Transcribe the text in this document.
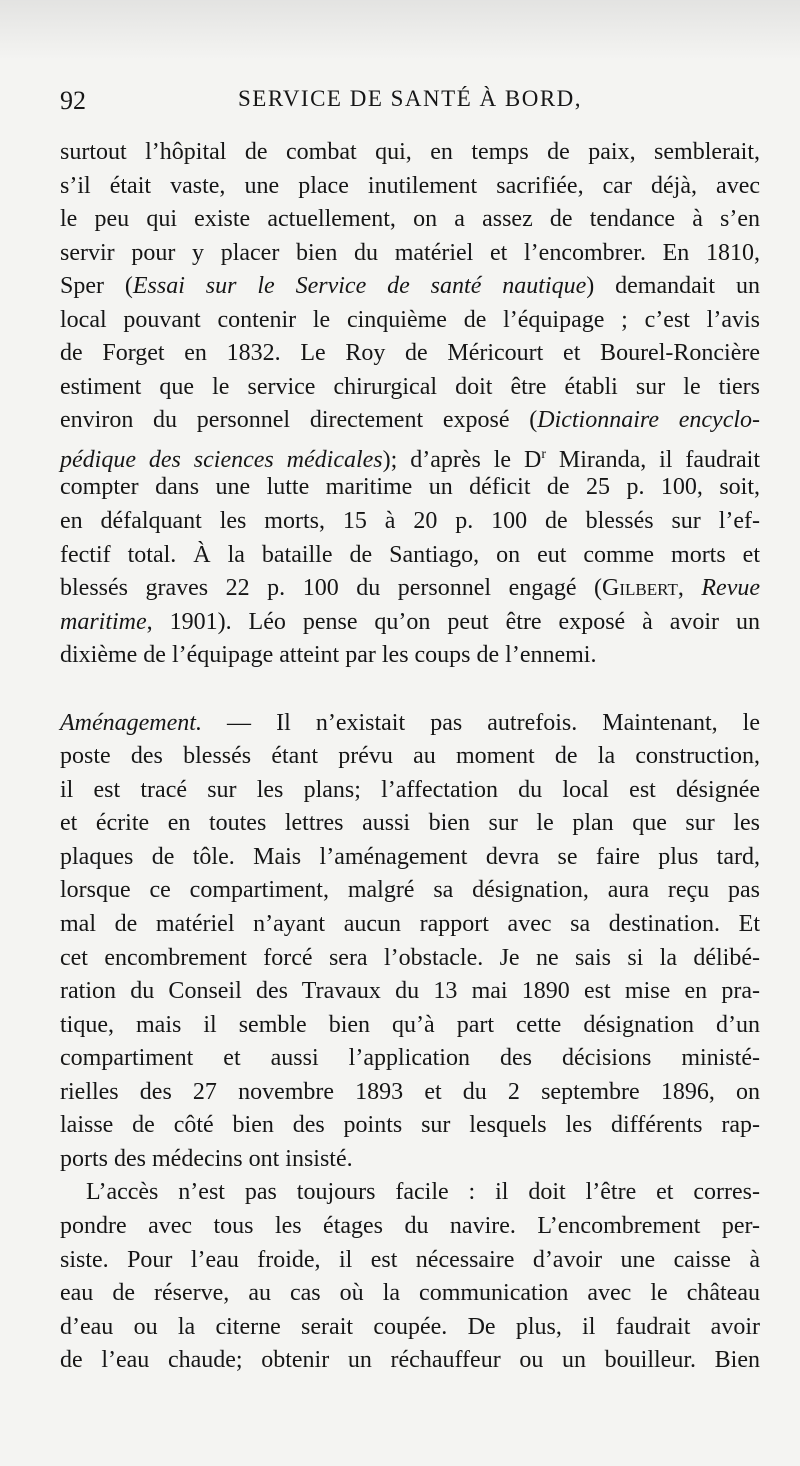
92	SERVICE DE SANTÉ À BORD,
surtout l’hôpital de combat qui, en temps de paix, semblerait,
s’il était vaste, une place inutilement sacrifiée, car déjà, avec
le peu qui existe actuellement, on a assez de tendance à s’en
servir pour y placer bien du matériel et l’encombrer. En 1810,
Sper (Essai sur le Service de santé nautique) demandait un
local pouvant contenir le cinquième de l’équipage ; c’est l’avis
de Forget en 1832. Le Roy de Méricourt et Bourel-Roncière
estiment que le service chirurgical doit être établi sur le tiers
environ du personnel directement exposé (Dictionnaire encyclo-
pédique des sciences médicales); d’après le $D^r$ Miranda, il faudrait
compter dans une lutte maritime un déficit de 25 p. 100, soit,
en défalquant les morts, 15 à 20 p. 100 de blessés sur l’ef-
fectif total. À la bataille de Santiago, on eut comme morts et
blessés graves 22 p. 100 du personnel engagé (Gilbert, Revue
maritime, 1901). Léo pense qu’on peut être exposé à avoir un
dixième de l’équipage atteint par les coups de l’ennemi.
Aménagement. — Il n’existait pas autrefois. Maintenant, le
poste des blessés étant prévu au moment de la construction,
il est tracé sur les plans; l’affectation du local est désignée
et écrite en toutes lettres aussi bien sur le plan que sur les
plaques de tôle. Mais l’aménagement devra se faire plus tard,
lorsque ce compartiment, malgré sa désignation, aura reçu pas
mal de matériel n’ayant aucun rapport avec sa destination. Et
cet encombrement forcé sera l’obstacle. Je ne sais si la délibé-
ration du Conseil des Travaux du 13 mai 1890 est mise en pra-
tique, mais il semble bien qu’à part cette désignation d’un
compartiment et aussi l’application des décisions ministé-
rielles des 27 novembre 1893 et du 2 septembre 1896, on
laisse de côté bien des points sur lesquels les différents rap-
ports des médecins ont insisté.
L’accès n’est pas toujours facile : il doit l’être et corres-
pondre avec tous les étages du navire. L’encombrement per-
siste. Pour l’eau froide, il est nécessaire d’avoir une caisse à
eau de réserve, au cas où la communication avec le château
d’eau ou la citerne serait coupée. De plus, il faudrait avoir
de l’eau chaude; obtenir un réchauffeur ou un bouilleur. Bien
